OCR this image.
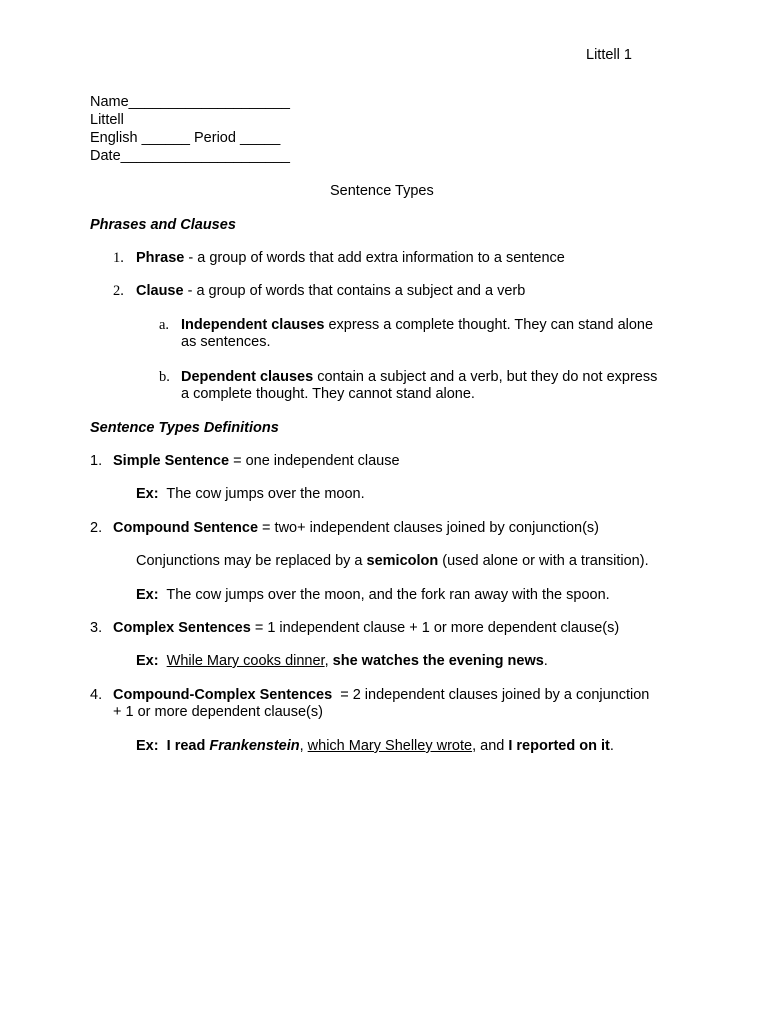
Littell 1
Name____________________
Littell
English ______ Period _____
Date_____________________
Sentence Types
Phrases and Clauses
1. Phrase - a group of words that add extra information to a sentence
2. Clause - a group of words that contains a subject and a verb
a. Independent clauses express a complete thought. They can stand alone
as sentences.
b. Dependent clauses contain a subject and a verb, but they do not express
a complete thought. They cannot stand alone.
Sentence Types Definitions
1. Simple Sentence = one independent clause
Ex:  The cow jumps over the moon.
2. Compound Sentence = two+ independent clauses joined by conjunction(s)
Conjunctions may be replaced by a semicolon (used alone or with a transition).
Ex:  The cow jumps over the moon, and the fork ran away with the spoon.
3. Complex Sentences = 1 independent clause + 1 or more dependent clause(s)
Ex: While Mary cooks dinner, she watches the evening news.
4. Compound-Complex Sentences  = 2 independent clauses joined by a conjunction
+ 1 or more dependent clause(s)
Ex:  I read Frankenstein, which Mary Shelley wrote, and I reported on it.
